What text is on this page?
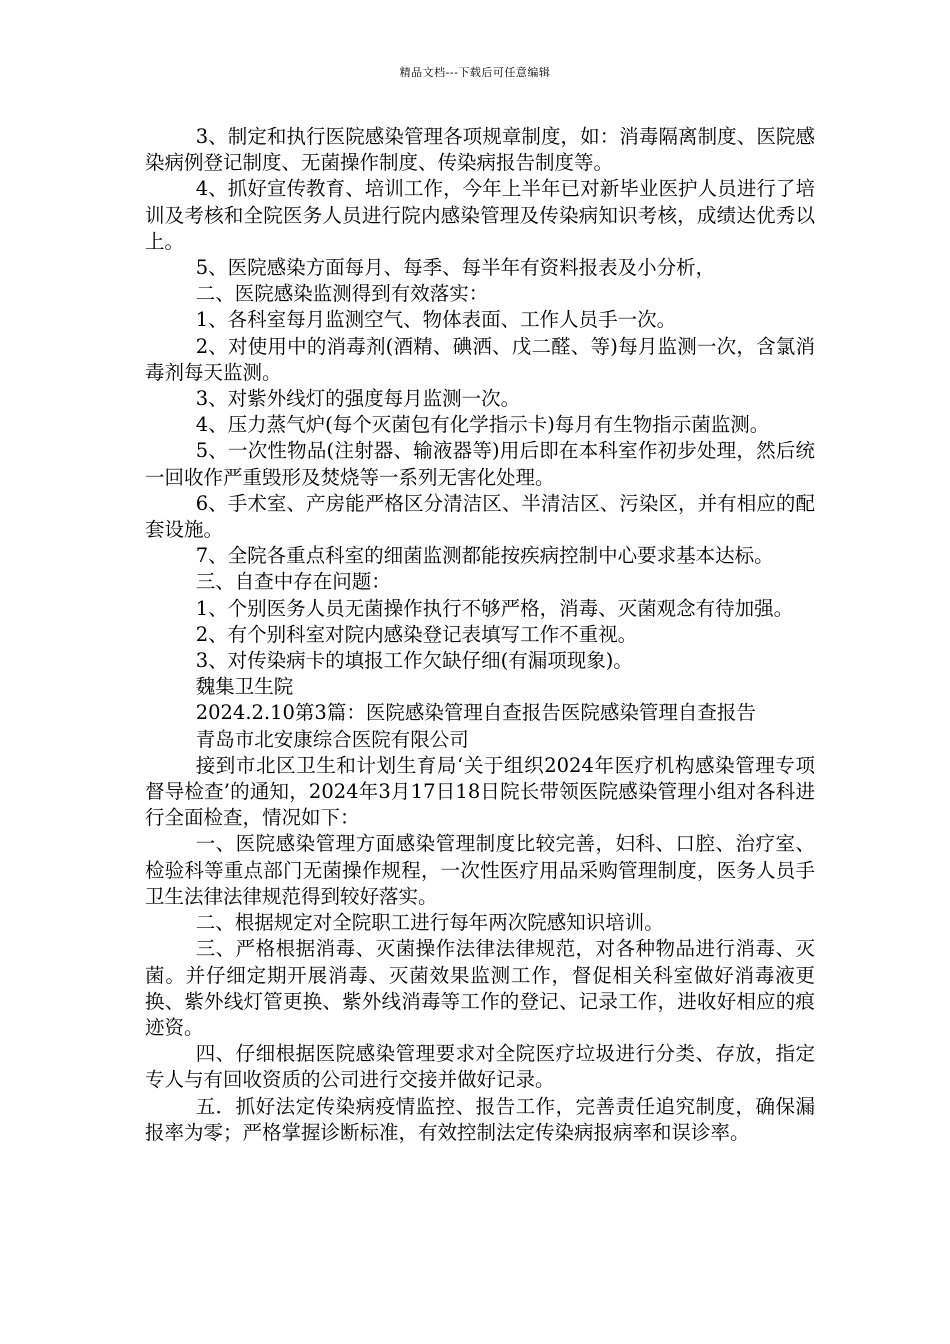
精品文档---下载后可任意编辑

3、制定和执行医院感染管理各项规章制度，如：消毒隔离制度、医院感染病例登记制度、无菌操作制度、传染病报告制度等。

4、抓好宣传教育、培训工作，今年上半年已对新毕业医护人员进行了培训及考核和全院医务人员进行院内感染管理及传染病知识考核，成绩达优秀以上。

5、医院感染方面每月、每季、每半年有资料报表及小分析，

二、医院感染监测得到有效落实：

1、各科室每月监测空气、物体表面、工作人员手一次。

2、对使用中的消毒剂(酒精、碘洒、戊二醛、等)每月监测一次，含氯消毒剂每天监测。

3、对紫外线灯的强度每月监测一次。

4、压力蒸气炉(每个灭菌包有化学指示卡)每月有生物指示菌监测。

5、一次性物品(注射器、输液器等)用后即在本科室作初步处理，然后统一回收作严重毁形及焚烧等一系列无害化处理。

6、手术室、产房能严格区分清洁区、半清洁区、污染区，并有相应的配套设施。

7、全院各重点科室的细菌监测都能按疾病控制中心要求基本达标。

三、自查中存在问题：

1、个别医务人员无菌操作执行不够严格，消毒、灭菌观念有待加强。

2、有个别科室对院内感染登记表填写工作不重视。

3、对传染病卡的填报工作欠缺仔细(有漏项现象)。

魏集卫生院

2024.2.10第3篇：医院感染管理自查报告医院感染管理自查报告

青岛市北安康综合医院有限公司

接到市北区卫生和计划生育局‘关于组织2024年医疗机构感染管理专项督导检查’的通知，2024年3月17日18日院长带领医院感染管理小组对各科进行全面检查，情况如下：

一、医院感染管理方面感染管理制度比较完善，妇科、口腔、治疗室、检验科等重点部门无菌操作规程，一次性医疗用品采购管理制度，医务人员手卫生法律法律规范得到较好落实。

二、根据规定对全院职工进行每年两次院感知识培训。

三、严格根据消毒、灭菌操作法律法律规范，对各种物品进行消毒、灭菌。并仔细定期开展消毒、灭菌效果监测工作，督促相关科室做好消毒液更换、紫外线灯管更换、紫外线消毒等工作的登记、记录工作，进收好相应的痕迹资。

四、仔细根据医院感染管理要求对全院医疗垃圾进行分类、存放，指定专人与有回收资质的公司进行交接并做好记录。

五．抓好法定传染病疫情监控、报告工作，完善责任追究制度，确保漏报率为零；严格掌握诊断标准，有效控制法定传染病报病率和误诊率。
